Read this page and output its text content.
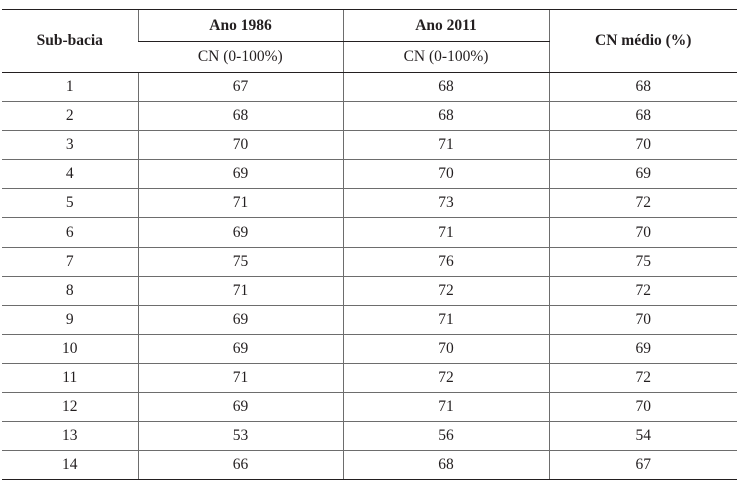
Sub-bacia	Ano 1986	Ano 2011	CN médio (%)
	CN (0-100%)	CN (0-100%)	
1	67	68	68
2	68	68	68
3	70	71	70
4	69	70	69
5	71	73	72
6	69	71	70
7	75	76	75
8	71	72	72
9	69	71	70
10	69	70	69
11	71	72	72
12	69	71	70
13	53	56	54
14	66	68	67
